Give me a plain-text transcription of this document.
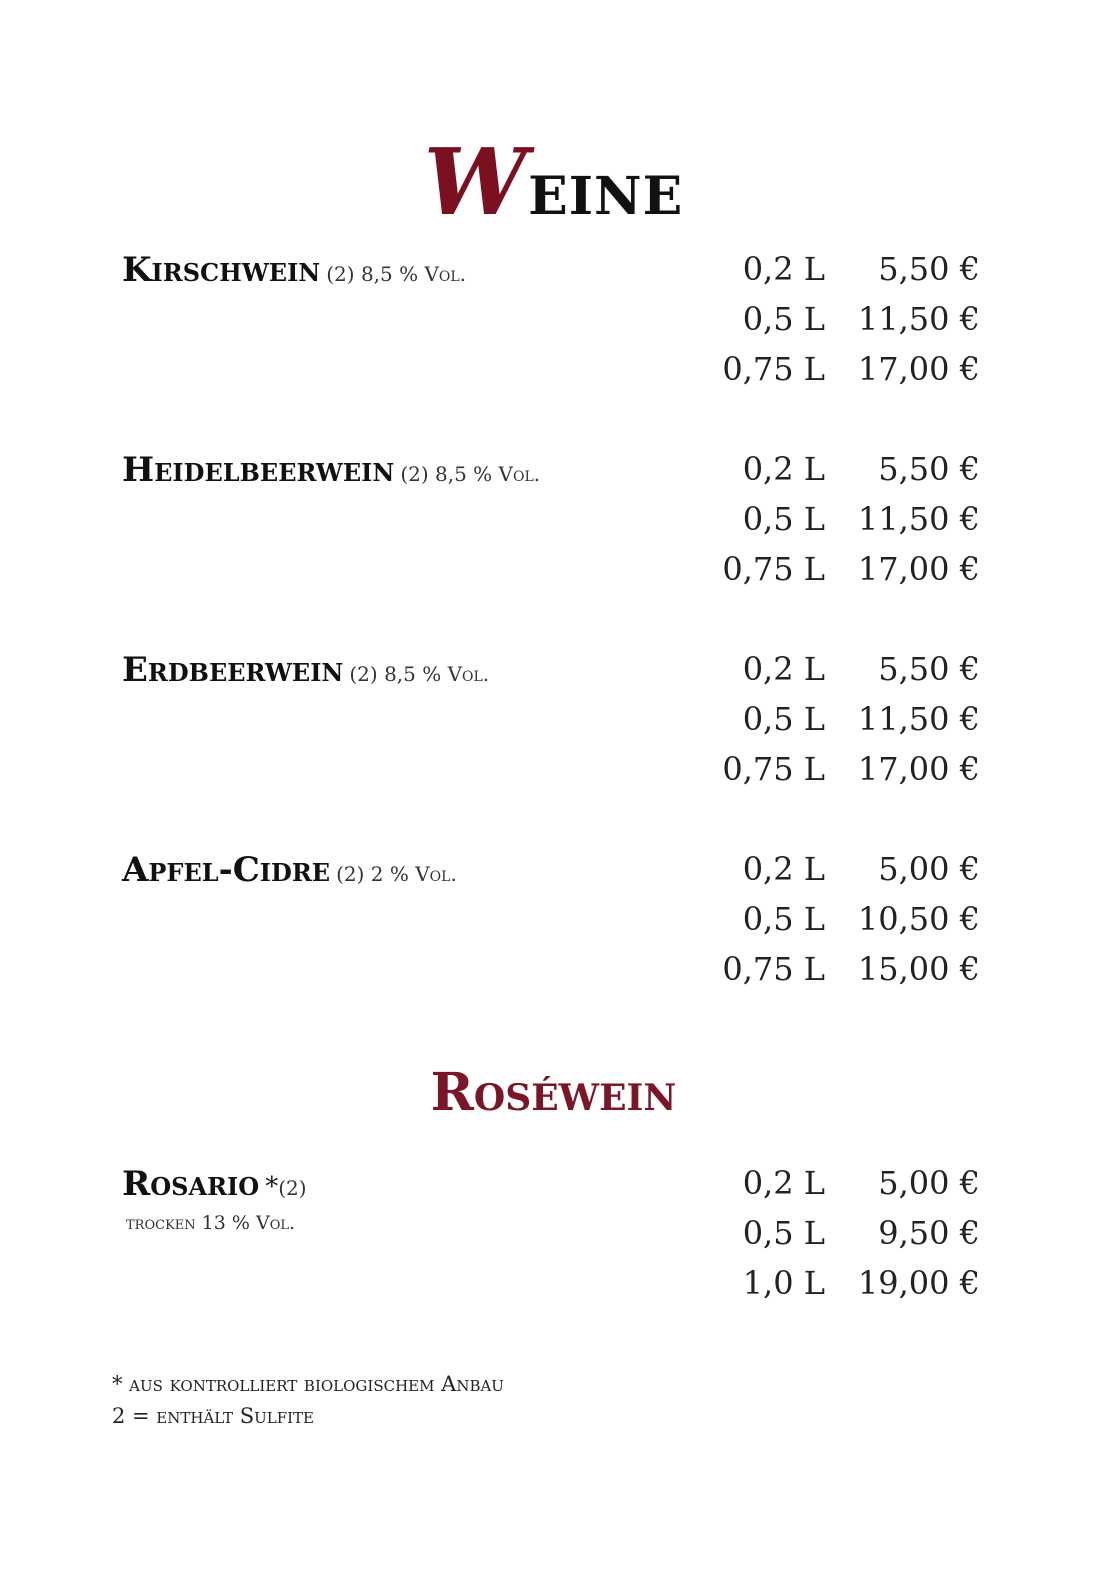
Weine
Kirschwein (2) 8,5 % Vol.	0,2 L 5,50 €
0,5 L 11,50 €
0,75 L 17,00 €
Heidelbeerwein (2) 8,5 % Vol.	0,2 L 5,50 €
0,5 L 11,50 €
0,75 L 17,00 €
Erdbeerwein (2) 8,5 % Vol.	0,2 L 5,50 €
0,5 L 11,50 €
0,75 L 17,00 €
Apfel-Cidre (2) 2 % Vol.	0,2 L 5,00 €
0,5 L 10,50 €
0,75 L 15,00 €
Roséwein
Rosario *(2)
trocken 13 % Vol.
0,2 L 5,00 €
0,5 L 9,50 €
1,0 L 19,00 €
* aus kontrolliert biologischem Anbau
2 = enthält Sulfite
